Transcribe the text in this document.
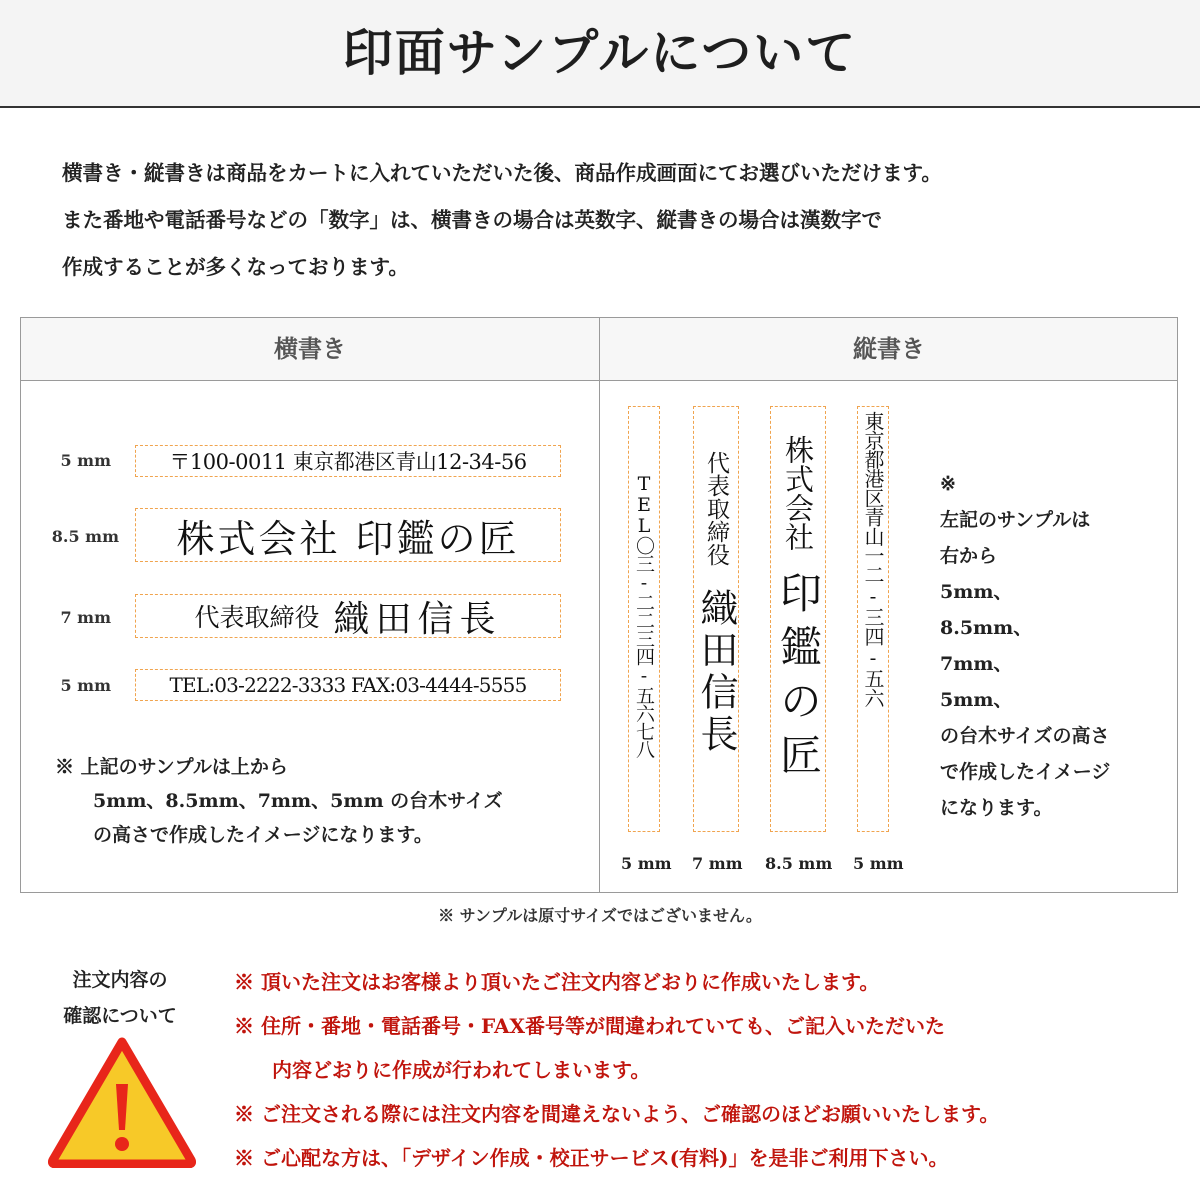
印面サンプルについて
横書き・縦書きは商品をカートに入れていただいた後、商品作成画面にてお選びいただけます。
また番地や電話番号などの「数字」は、横書きの場合は英数字、縦書きの場合は漢数字で
作成することが多くなっております。
横書き	縦書き
5 mm	〒100-0011 東京都港区青山12-34-56
8.5 mm	株式会社 印鑑の匠
7 mm	代表取締役 織田信長
5 mm	TEL:03-2222-3333 FAX:03-4444-5555
※ 上記のサンプルは上から
5mm、8.5mm、7mm、5mm の台木サイズ
の高さで作成したイメージになります。
TEL〇三-二二三四-五六七八
5 mm
代表取締役
織田信長
7 mm
株式会社
印鑑の匠
8.5 mm
東京都港区青山一二-三四-五六
5 mm
※
左記のサンプルは
右から
5mm、
8.5mm、
7mm、
5mm、
の台木サイズの高さ
で作成したイメージ
になります。
※ サンプルは原寸サイズではございません。
注文内容の
確認について
※ 頂いた注文はお客様より頂いたご注文内容どおりに作成いたします。
※ 住所・番地・電話番号・FAX番号等が間違われていても、ご記入いただいた
内容どおりに作成が行われてしまいます。
※ ご注文される際には注文内容を間違えないよう、ご確認のほどお願いいたします。
※ ご心配な方は、「デザイン作成・校正サービス(有料)」を是非ご利用下さい。
